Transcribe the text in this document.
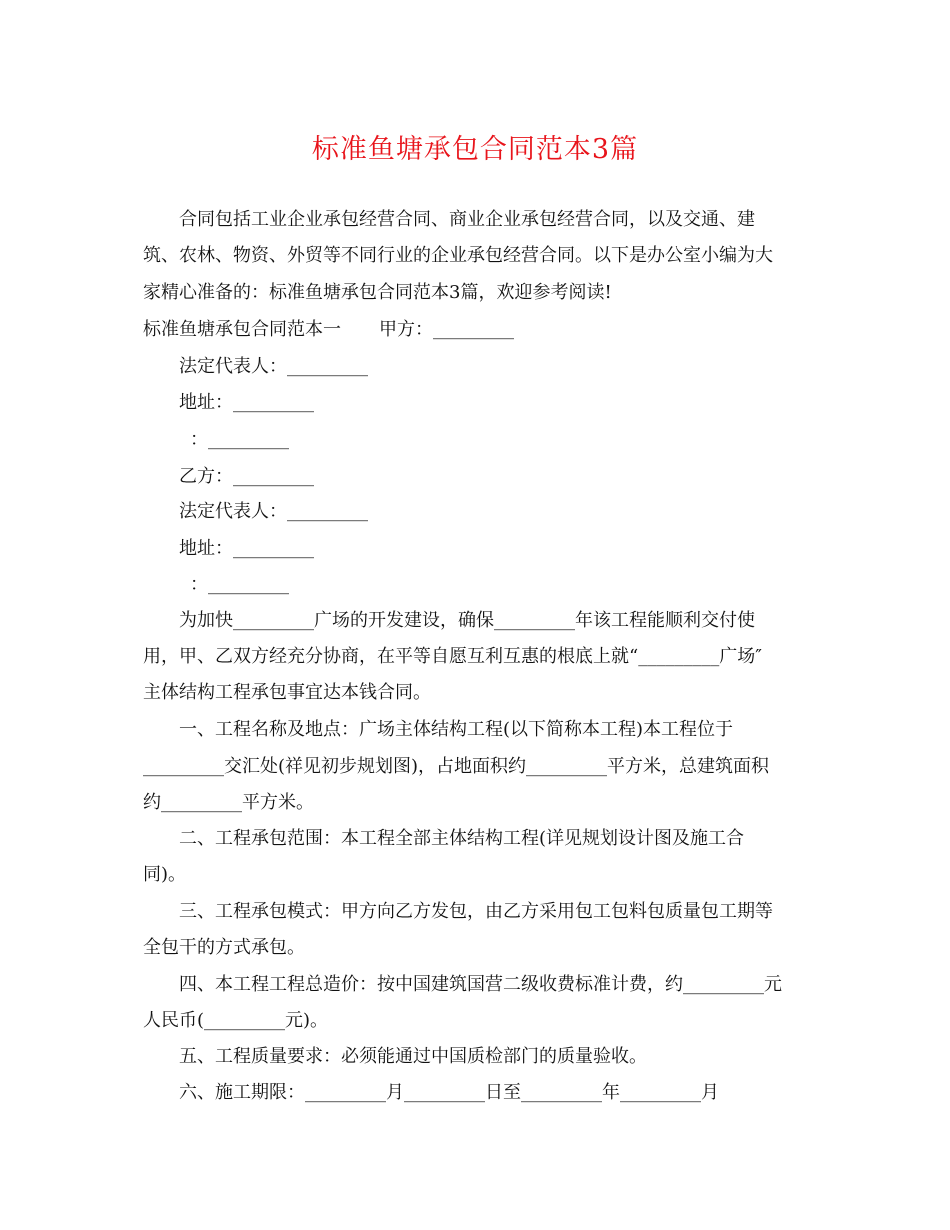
标准鱼塘承包合同范本3篇
合同包括工业企业承包经营合同、商业企业承包经营合同，以及交通、建
筑、农林、物资、外贸等不同行业的企业承包经营合同。以下是办公室小编为大
家精心准备的：标准鱼塘承包合同范本3篇，欢迎参考阅读!
标准鱼塘承包合同范本一 甲方：_________
法定代表人：_________
地址：_________
：_________
乙方：_________
法定代表人：_________
地址：_________
：_________
为加快_________广场的开发建设，确保_________年该工程能顺利交付使
用，甲、乙双方经充分协商，在平等自愿互利互惠的根底上就“_________广场″
主体结构工程承包事宜达本钱合同。
一、工程名称及地点：广场主体结构工程(以下简称本工程)本工程位于
_________交汇处(祥见初步规划图)，占地面积约_________平方米，总建筑面积
约_________平方米。
二、工程承包范围：本工程全部主体结构工程(详见规划设计图及施工合
同)。
三、工程承包模式：甲方向乙方发包，由乙方采用包工包料包质量包工期等
全包干的方式承包。
四、本工程工程总造价：按中国建筑国营二级收费标准计费，约_________元
人民币(_________元)。
五、工程质量要求：必须能通过中国质检部门的质量验收。
六、施工期限：_________月_________日至_________年_________月
